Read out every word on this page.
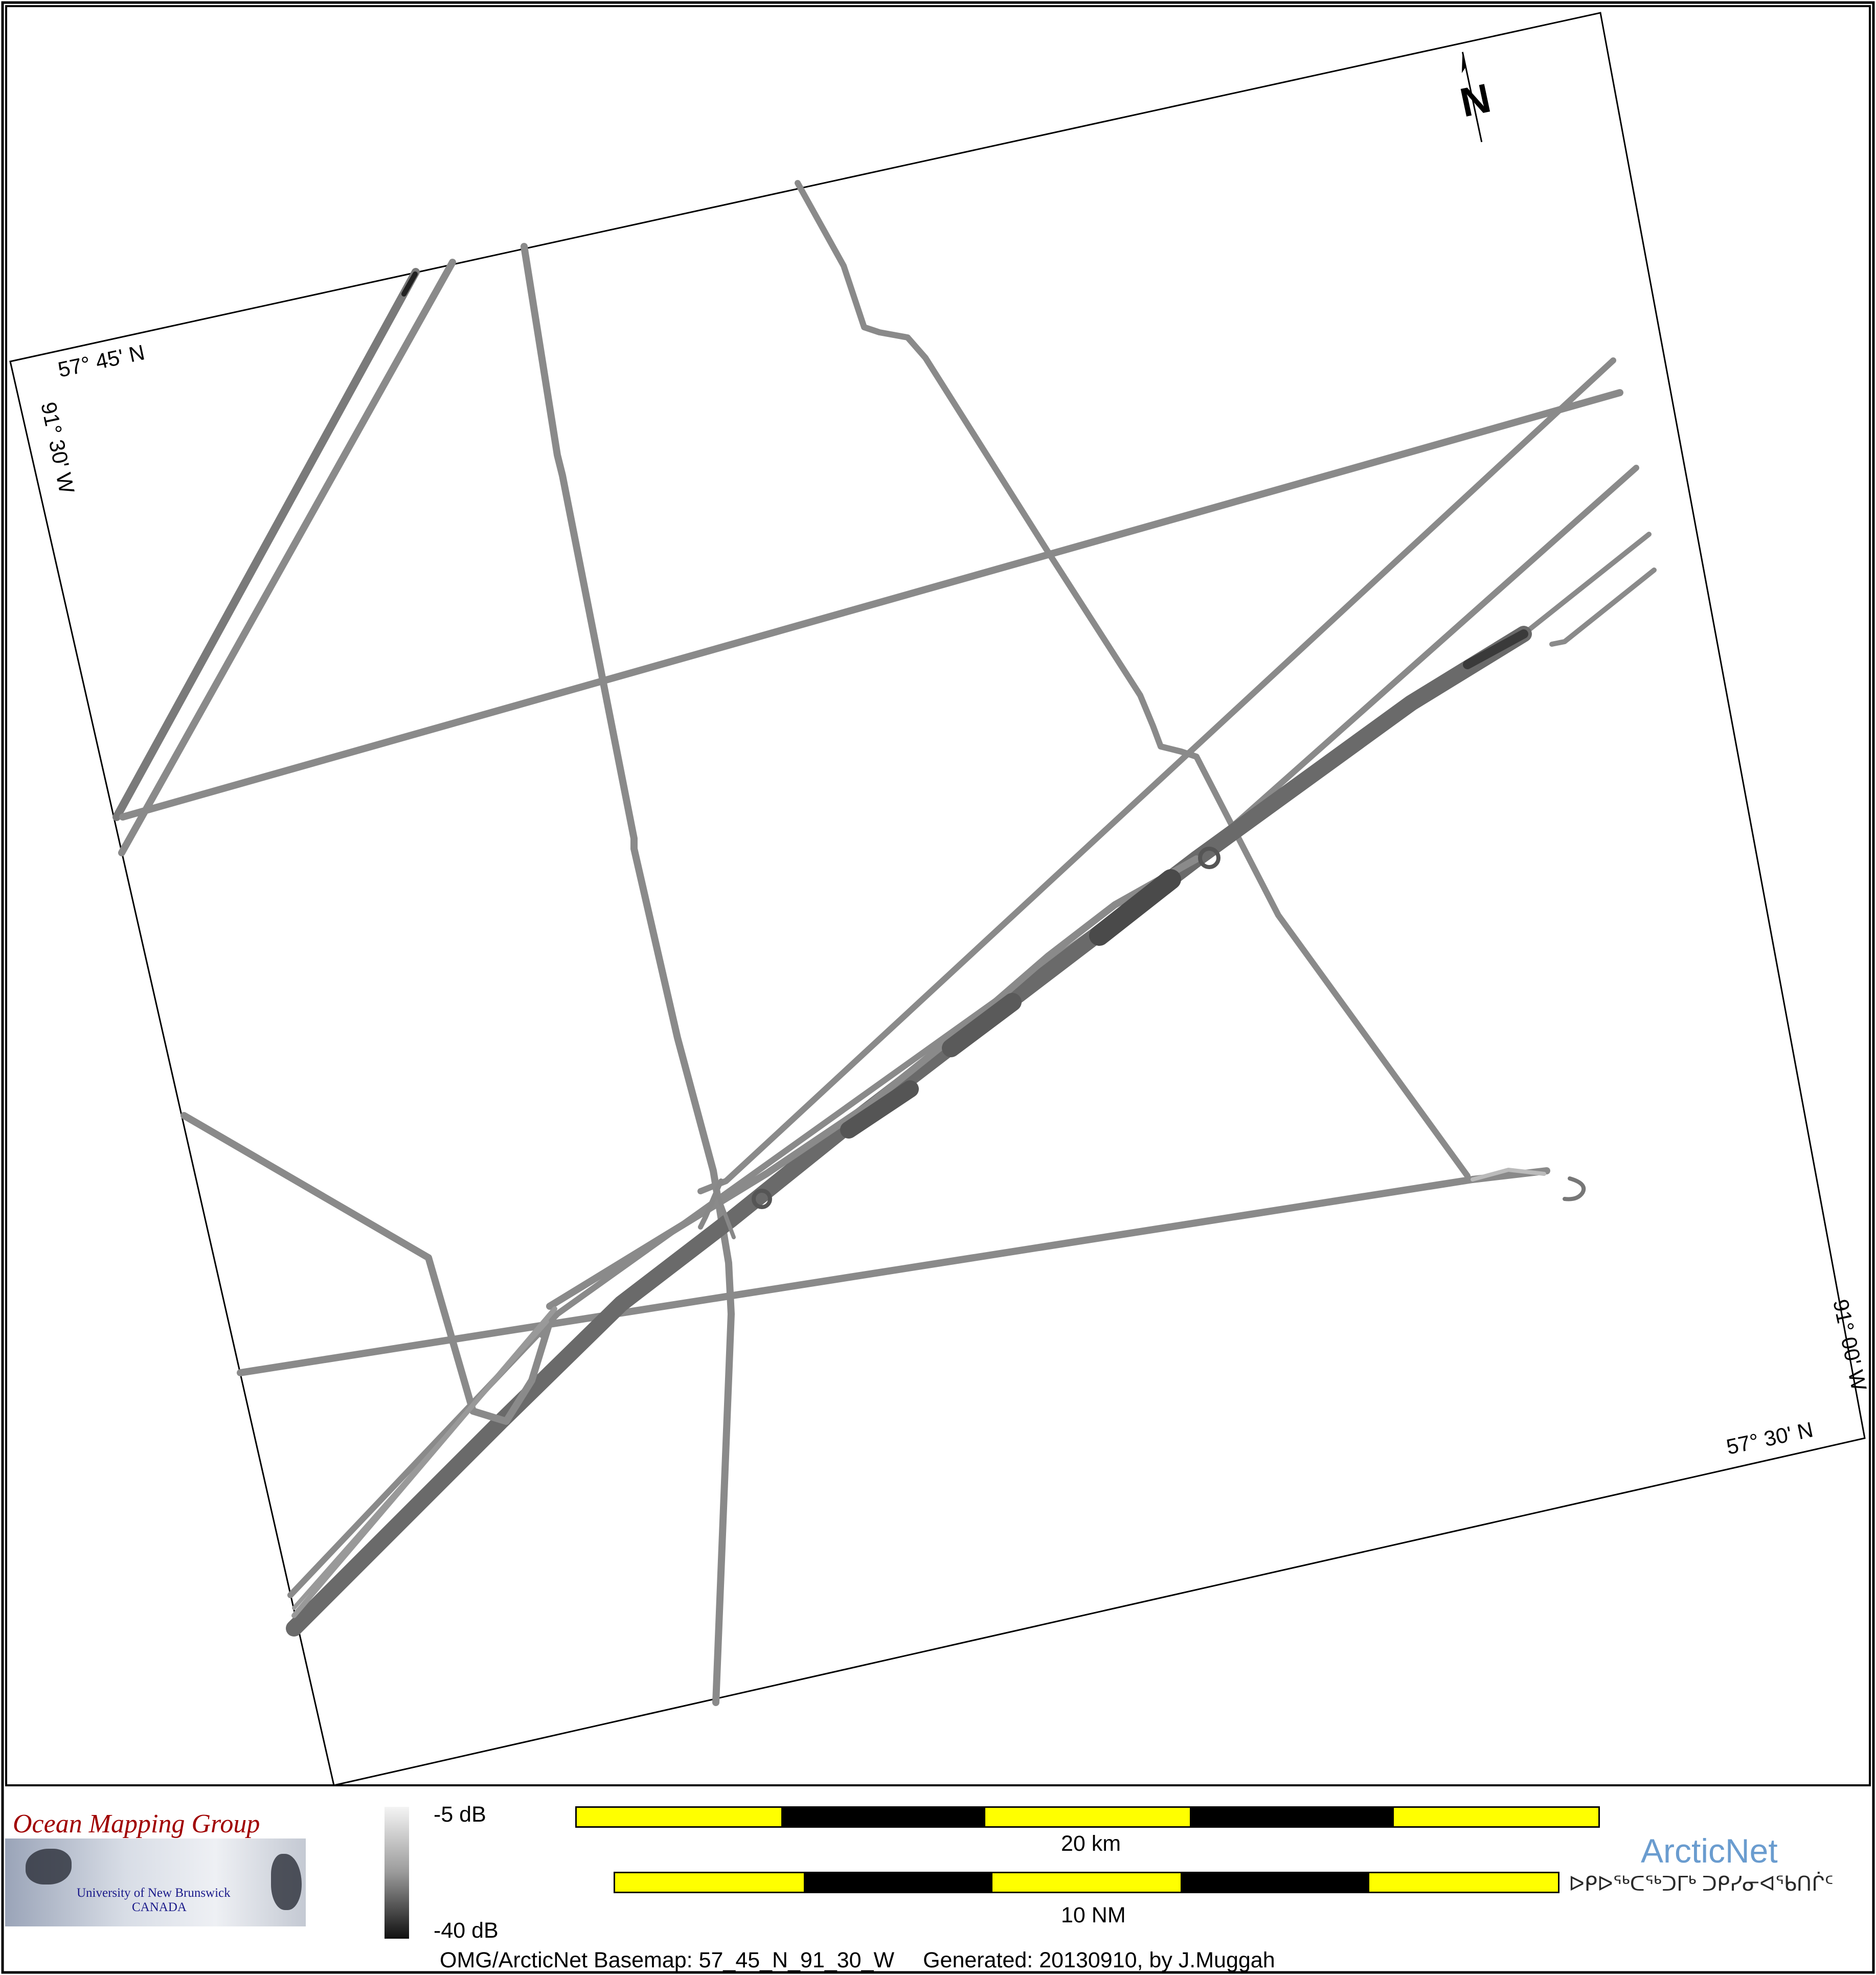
N
57° 45' N
91° 30' W
57° 30' N
91° 00' W
Ocean Mapping Group
University of New Brunswick
CANADA
-5 dB
-40 dB
20 km
10 NM
ArcticNet
ᐅᑭᐅᖅᑕᖅᑐᒥᒃ ᑐᑭᓯᓂᐊᖃᑎᒌᑦ
OMG/ArcticNet Basemap: 57_45_N_91_30_W Generated: 20130910, by J.Muggah
